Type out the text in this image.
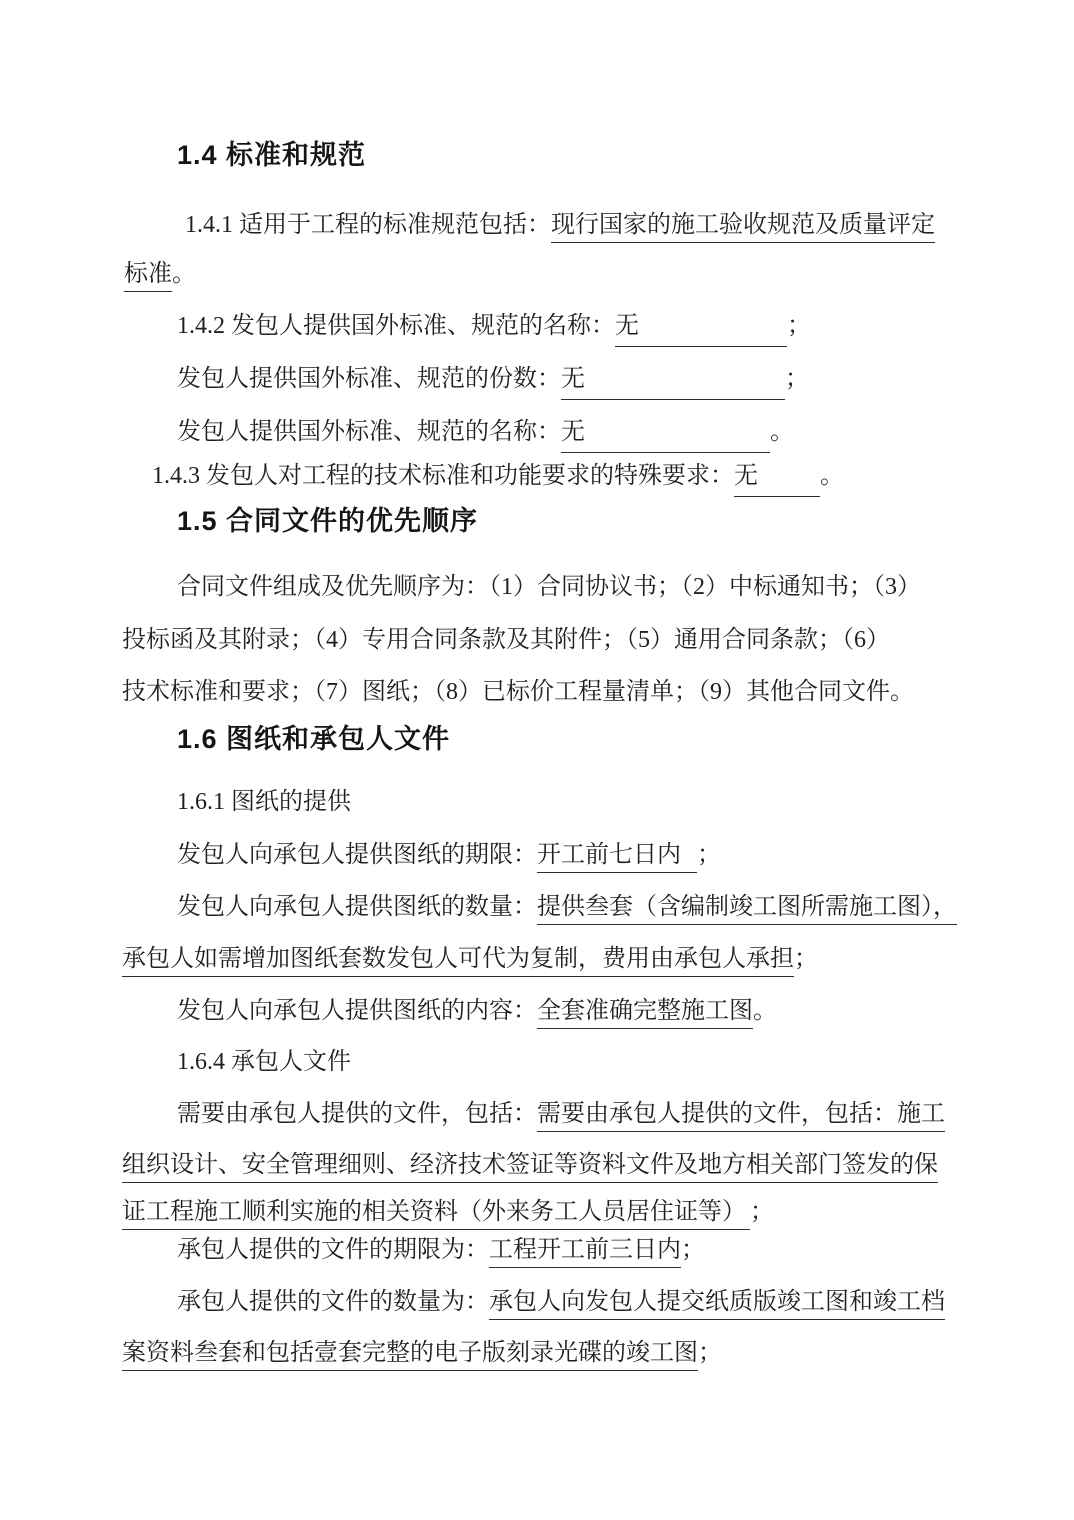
1.4 标准和规范
1.4.1 适用于工程的标准规范包括：现行国家的施工验收规范及质量评定
标准。
1.4.2 发包人提供国外标准、规范的名称：无	；
发包人提供国外标准、规范的份数：无	；
发包人提供国外标准、规范的名称：无	。
1.4.3 发包人对工程的技术标准和功能要求的特殊要求：无	。
1.5 合同文件的优先顺序
合同文件组成及优先顺序为：（1）合同协议书；（2）中标通知书；（3）
投标函及其附录；（4）专用合同条款及其附件；（5）通用合同条款；（6）
技术标准和要求；（7）图纸；（8）已标价工程量清单；（9）其他合同文件。
1.6 图纸和承包人文件
1.6.1 图纸的提供
发包人向承包人提供图纸的期限：开工前七日内 ；
发包人向承包人提供图纸的数量：提供叁套（含编制竣工图所需施工图），
承包人如需增加图纸套数发包人可代为复制，费用由承包人承担；
发包人向承包人提供图纸的内容：全套准确完整施工图。
1.6.4 承包人文件
需要由承包人提供的文件，包括：需要由承包人提供的文件，包括：施工
组织设计、安全管理细则、经济技术签证等资料文件及地方相关部门签发的保
证工程施工顺利实施的相关资料（外来务工人员居住证等） ；
承包人提供的文件的期限为：工程开工前三日内；
承包人提供的文件的数量为：承包人向发包人提交纸质版竣工图和竣工档
案资料叁套和包括壹套完整的电子版刻录光碟的竣工图；
